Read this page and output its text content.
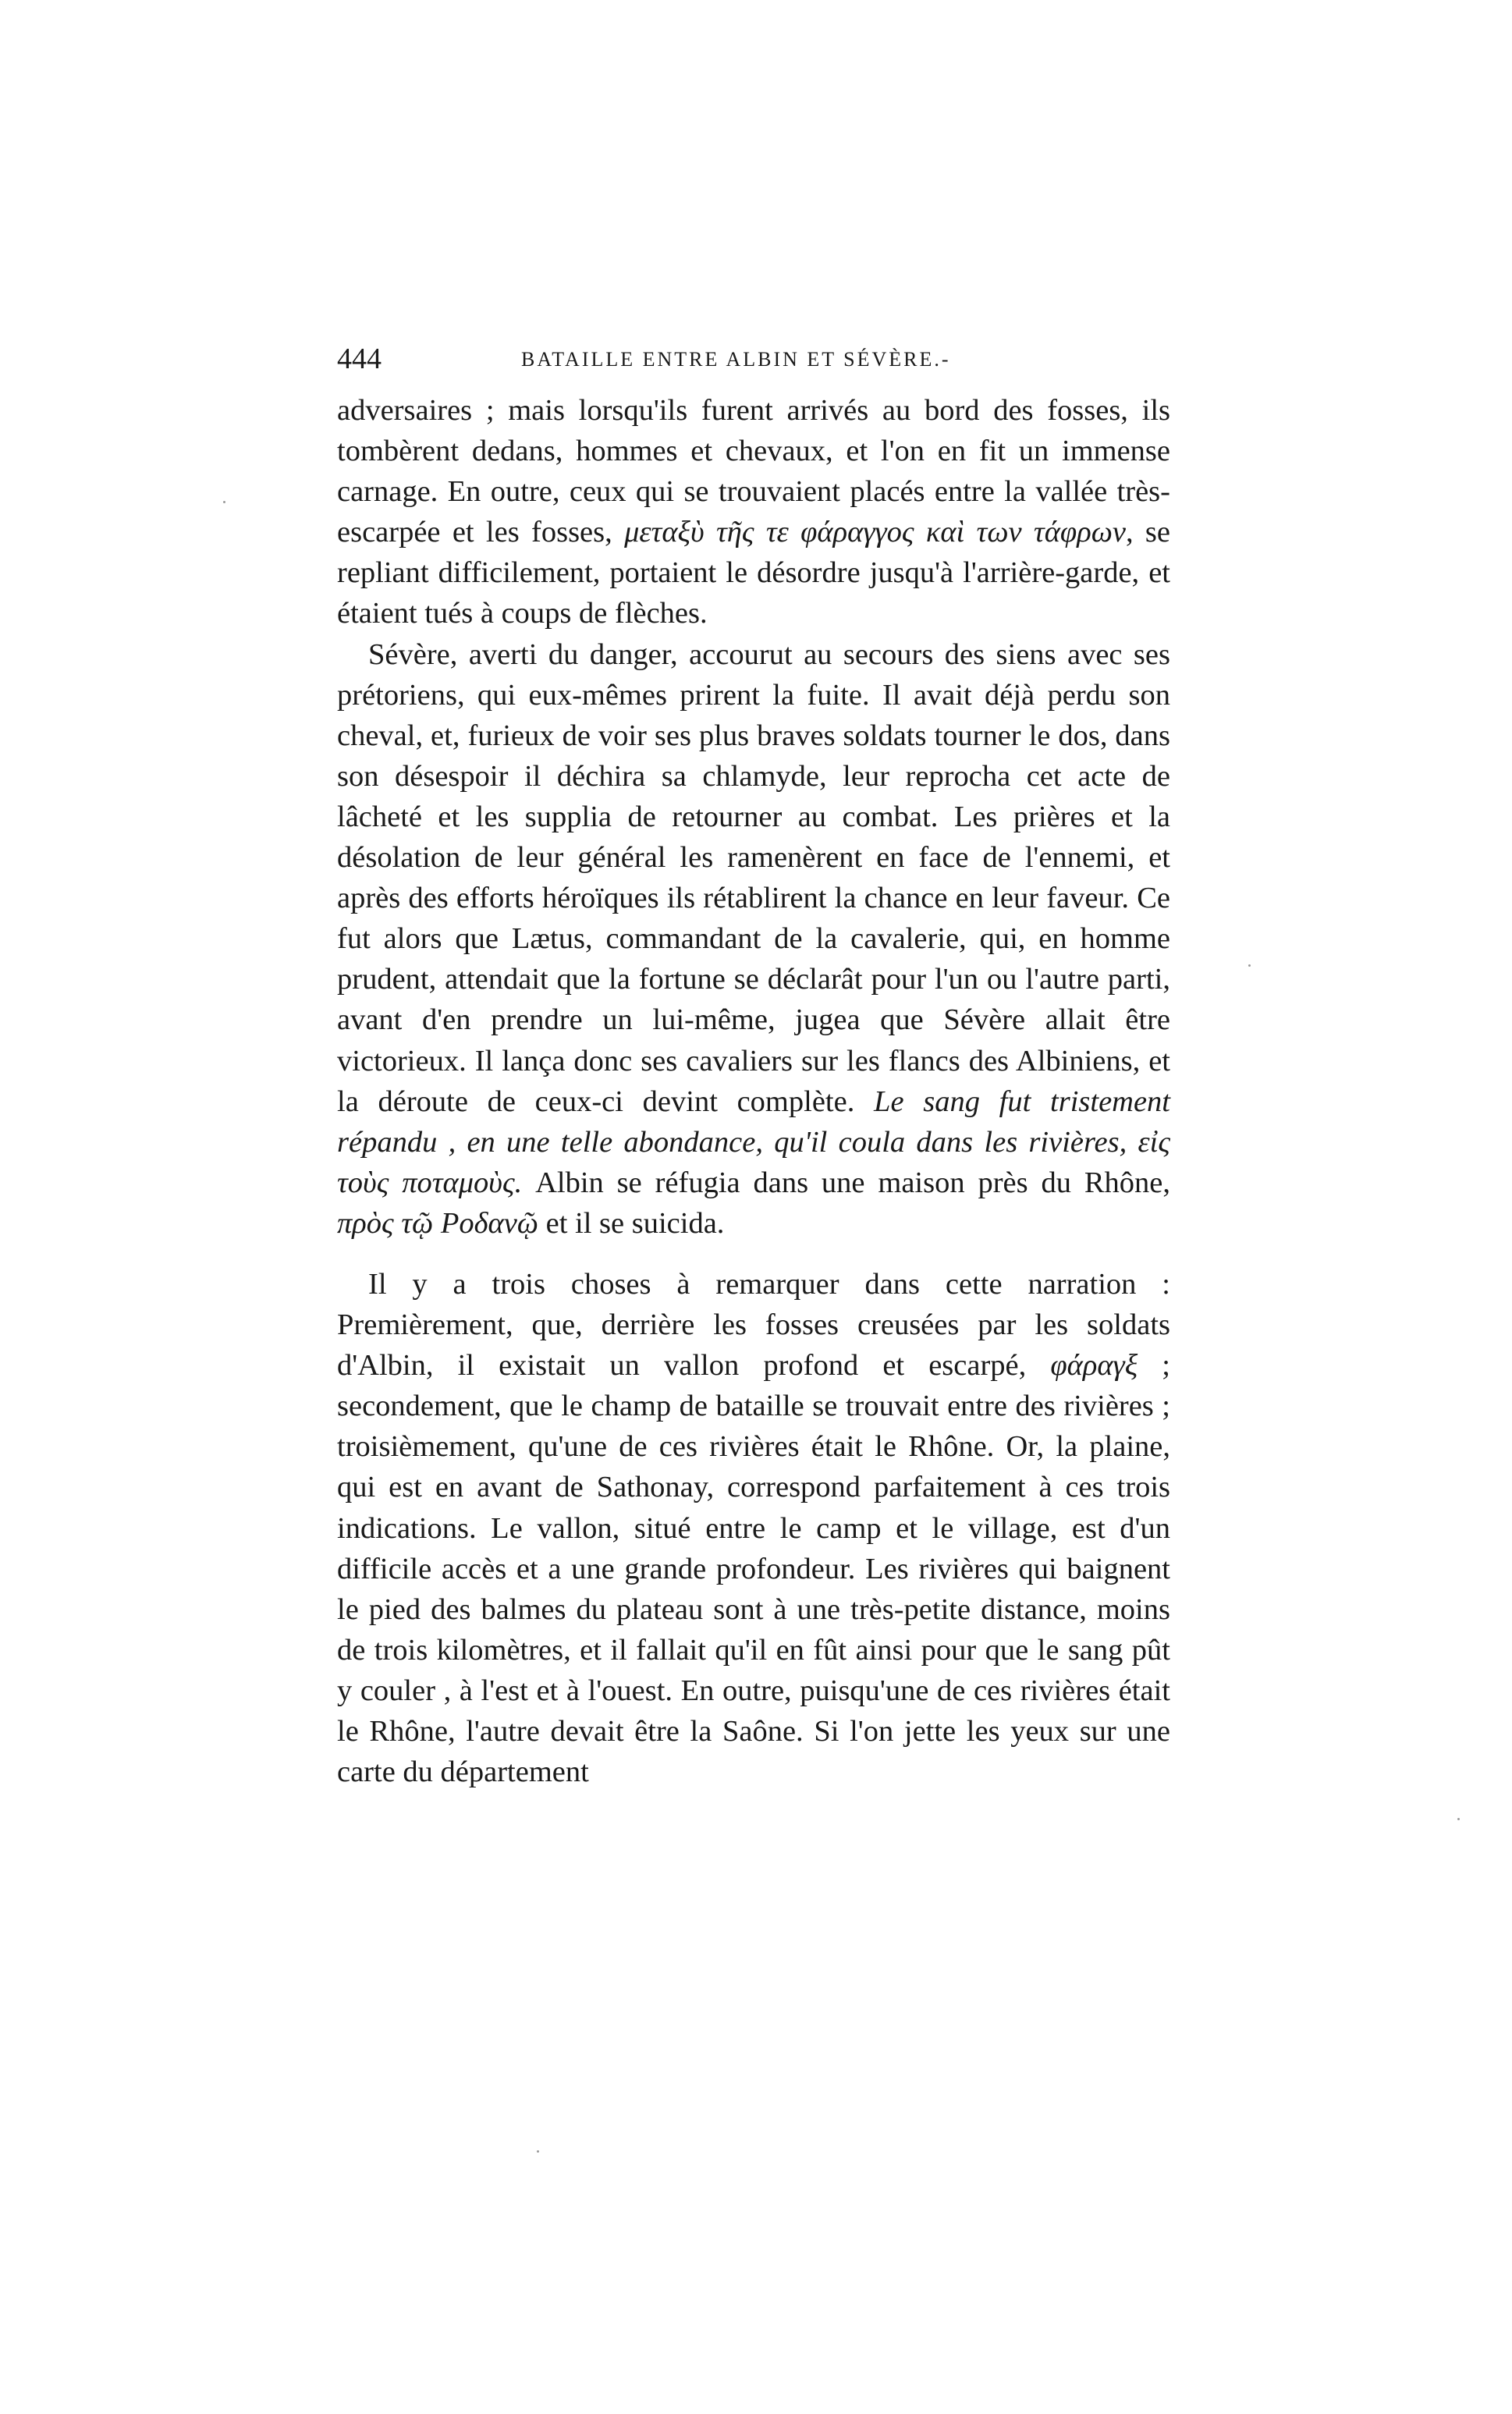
444	BATAILLE ENTRE ALBIN ET SÉVÈRE.-

adversaires ; mais lorsqu'ils furent arrivés au bord des fosses, ils tombèrent dedans, hommes et chevaux, et l'on en fit un immense carnage. En outre, ceux qui se trouvaient placés entre la vallée très-escarpée et les fosses, μεταξὺ τῆς τε φάραγγος καὶ των τάφρων, se repliant difficilement, portaient le désordre jusqu'à l'arrière-garde, et étaient tués à coups de flèches.

Sévère, averti du danger, accourut au secours des siens avec ses prétoriens, qui eux-mêmes prirent la fuite. Il avait déjà perdu son cheval, et, furieux de voir ses plus braves soldats tourner le dos, dans son désespoir il déchira sa chlamyde, leur reprocha cet acte de lâcheté et les supplia de retourner au combat. Les prières et la désolation de leur général les ramenèrent en face de l'ennemi, et après des efforts héroïques ils rétablirent la chance en leur faveur. Ce fut alors que Lætus, commandant de la cavalerie, qui, en homme prudent, attendait que la fortune se déclarât pour l'un ou l'autre parti, avant d'en prendre un lui-même, jugea que Sévère allait être victorieux. Il lança donc ses cavaliers sur les flancs des Albiniens, et la déroute de ceux-ci devint complète. Le sang fut tristement répandu , en une telle abondance, qu'il coula dans les rivières, εἰς τοὺς ποταμοὺς. Albin se réfugia dans une maison près du Rhône, πρὸς τῷ Ροδανῷ et il se suicida.

Il y a trois choses à remarquer dans cette narration : Premièrement, que, derrière les fosses creusées par les soldats d'Albin, il existait un vallon profond et escarpé, φάραγξ ; secondement, que le champ de bataille se trouvait entre des rivières ; troisièmement, qu'une de ces rivières était le Rhône. Or, la plaine, qui est en avant de Sathonay, correspond parfaitement à ces trois indications. Le vallon, situé entre le camp et le village, est d'un difficile accès et a une grande profondeur. Les rivières qui baignent le pied des balmes du plateau sont à une très-petite distance, moins de trois kilomètres, et il fallait qu'il en fût ainsi pour que le sang pût y couler , à l'est et à l'ouest. En outre, puisqu'une de ces rivières était le Rhône, l'autre devait être la Saône. Si l'on jette les yeux sur une carte du département
